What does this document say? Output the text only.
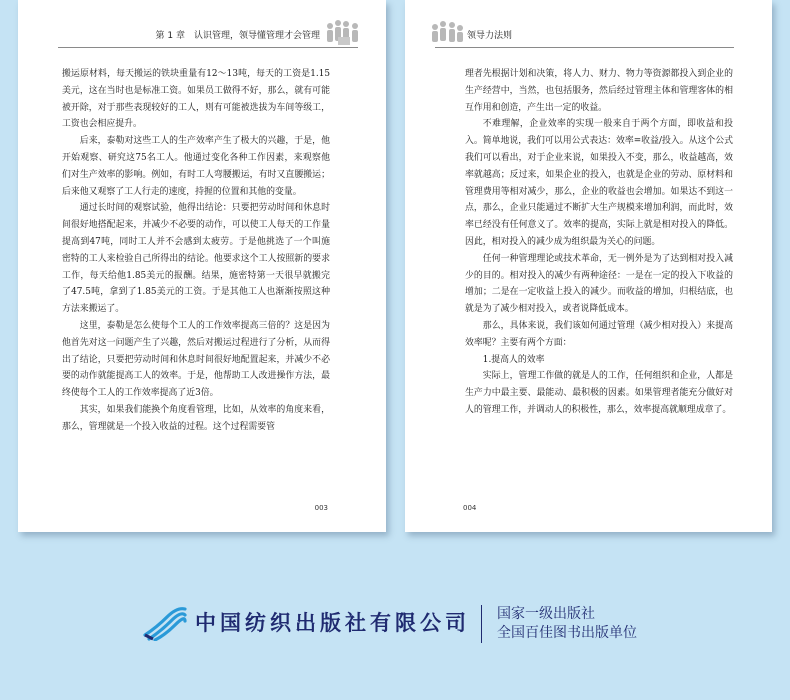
第 1 章　认识管理，领导懂管理才会管理

搬运原材料，每天搬运的铁块重量有12～13吨，每天的工资是1.15美元，这在当时也是标准工资。如果员工做得不好，那么，就有可能被开除，对于那些表现较好的工人，则有可能被选拔为车间等级工，工资也会相应提升。

后来，泰勒对这些工人的生产效率产生了极大的兴趣，于是，他开始观察、研究这75名工人。他通过变化各种工作因素，来观察他们对生产效率的影响。例如，有时工人弯腰搬运，有时又直腰搬运；后来他又观察了工人行走的速度，持握的位置和其他的变量。

通过长时间的观察试验，他得出结论：只要把劳动时间和休息时间很好地搭配起来，并减少不必要的动作，可以使工人每天的工作量提高到47吨，同时工人并不会感到太疲劳。于是他挑选了一个叫施密特的工人来检验自己所得出的结论。他要求这个工人按照新的要求工作，每天给他1.85美元的报酬。结果，施密特第一天很早就搬完了47.5吨，拿到了1.85美元的工资。于是其他工人也渐渐按照这种方法来搬运了。

这里，泰勒是怎么使每个工人的工作效率提高三倍的？这是因为他首先对这一问题产生了兴趣，然后对搬运过程进行了分析，从而得出了结论，只要把劳动时间和休息时间很好地配置起来，并减少不必要的动作就能提高工人的效率。于是，他帮助工人改进操作方法，最终使每个工人的工作效率提高了近3倍。

其实，如果我们能换个角度看管理，比如，从效率的角度来看，那么，管理就是一个投入收益的过程。这个过程需要管

003
领导力法则

理者先根据计划和决策，将人力、财力、物力等资源都投入到企业的生产经营中，当然，也包括服务，然后经过管理主体和管理客体的相互作用和创造，产生出一定的收益。

不难理解，企业效率的实现一般来自于两个方面，即收益和投入。简单地说，我们可以用公式表达：效率=收益/投入。从这个公式我们可以看出，对于企业来说，如果投入不变，那么，收益越高，效率就越高；反过来，如果企业的投入，也就是企业的劳动、原材料和管理费用等相对减少，那么，企业的收益也会增加。如果达不到这一点，那么，企业只能通过不断扩大生产规模来增加利润，而此时，效率已经没有任何意义了。效率的提高，实际上就是相对投入的降低。因此，相对投入的减少成为组织最为关心的问题。

任何一种管理理论或技术革命，无一例外是为了达到相对投入减少的目的。相对投入的减少有两种途径：一是在一定的投入下收益的增加；二是在一定收益上投入的减少。而收益的增加，归根结底，也就是为了减少相对投入，或者说降低成本。

那么，具体来说，我们该如何通过管理（减少相对投入）来提高效率呢？主要有两个方面：

1.提高人的效率

实际上，管理工作做的就是人的工作，任何组织和企业，人都是生产力中最主要、最能动、最积极的因素。如果管理者能充分做好对人的管理工作，并调动人的积极性，那么，效率提高就顺理成章了。

004
中国纺织出版社有限公司 国家一级出版社
全国百佳图书出版单位
